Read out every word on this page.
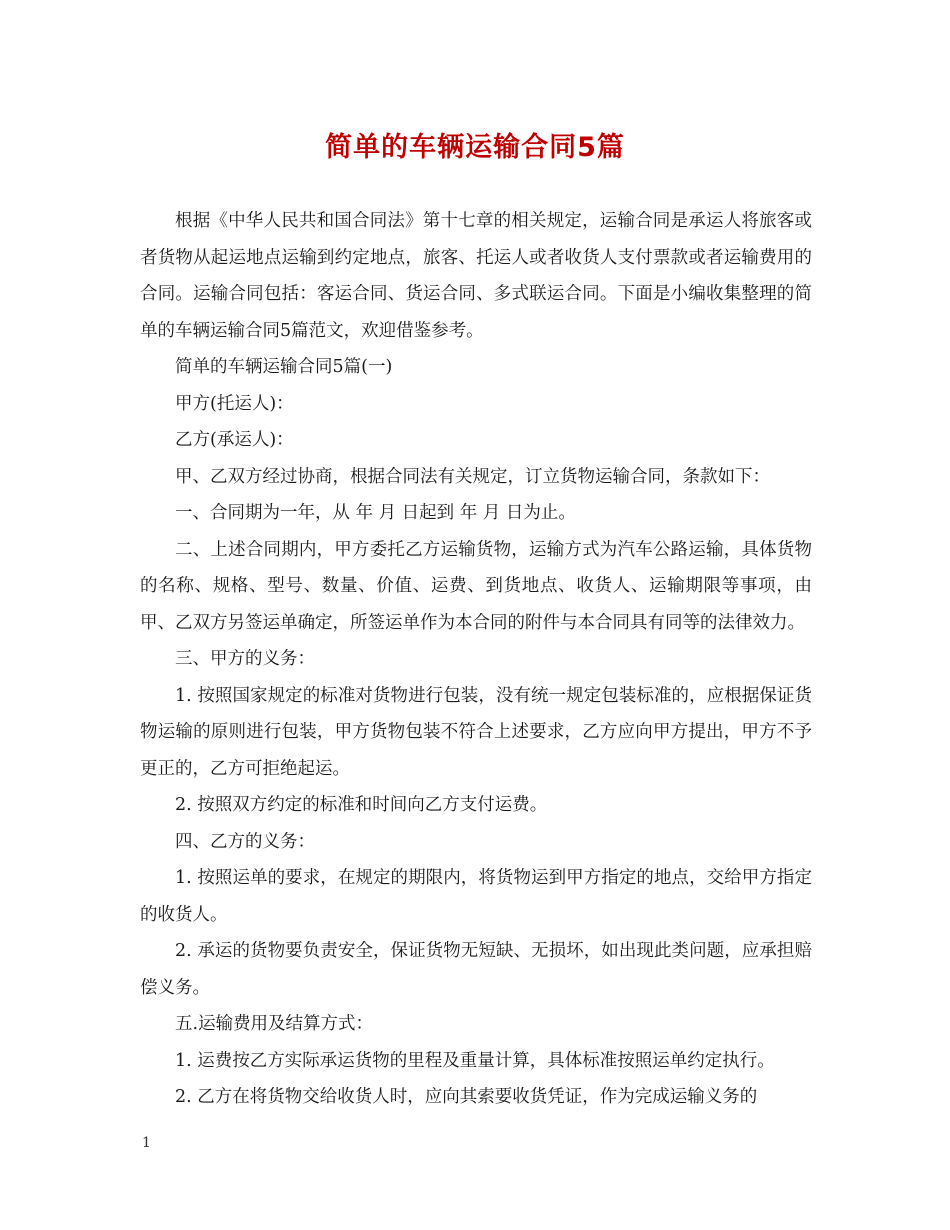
简单的车辆运输合同5篇

根据《中华人民共和国合同法》第十七章的相关规定，运输合同是承运人将旅客或者货物从起运地点运输到约定地点，旅客、托运人或者收货人支付票款或者运输费用的合同。运输合同包括：客运合同、货运合同、多式联运合同。下面是小编收集整理的简单的车辆运输合同5篇范文，欢迎借鉴参考。

简单的车辆运输合同5篇(一)

甲方(托运人)：

乙方(承运人)：

甲、乙双方经过协商，根据合同法有关规定，订立货物运输合同，条款如下：

一、合同期为一年，从 年 月 日起到 年 月 日为止。

二、上述合同期内，甲方委托乙方运输货物，运输方式为汽车公路运输，具体货物的名称、规格、型号、数量、价值、运费、到货地点、收货人、运输期限等事项，由甲、乙双方另签运单确定，所签运单作为本合同的附件与本合同具有同等的法律效力。

三、甲方的义务：

1. 按照国家规定的标准对货物进行包装，没有统一规定包装标准的，应根据保证货物运输的原则进行包装，甲方货物包装不符合上述要求，乙方应向甲方提出，甲方不予更正的，乙方可拒绝起运。

2. 按照双方约定的标准和时间向乙方支付运费。

四、乙方的义务：

1. 按照运单的要求，在规定的期限内，将货物运到甲方指定的地点，交给甲方指定的收货人。

2. 承运的货物要负责安全，保证货物无短缺、无损坏，如出现此类问题，应承担赔偿义务。

五.运输费用及结算方式：

1. 运费按乙方实际承运货物的里程及重量计算，具体标准按照运单约定执行。

2. 乙方在将货物交给收货人时，应向其索要收货凭证，作为完成运输义务的

1
